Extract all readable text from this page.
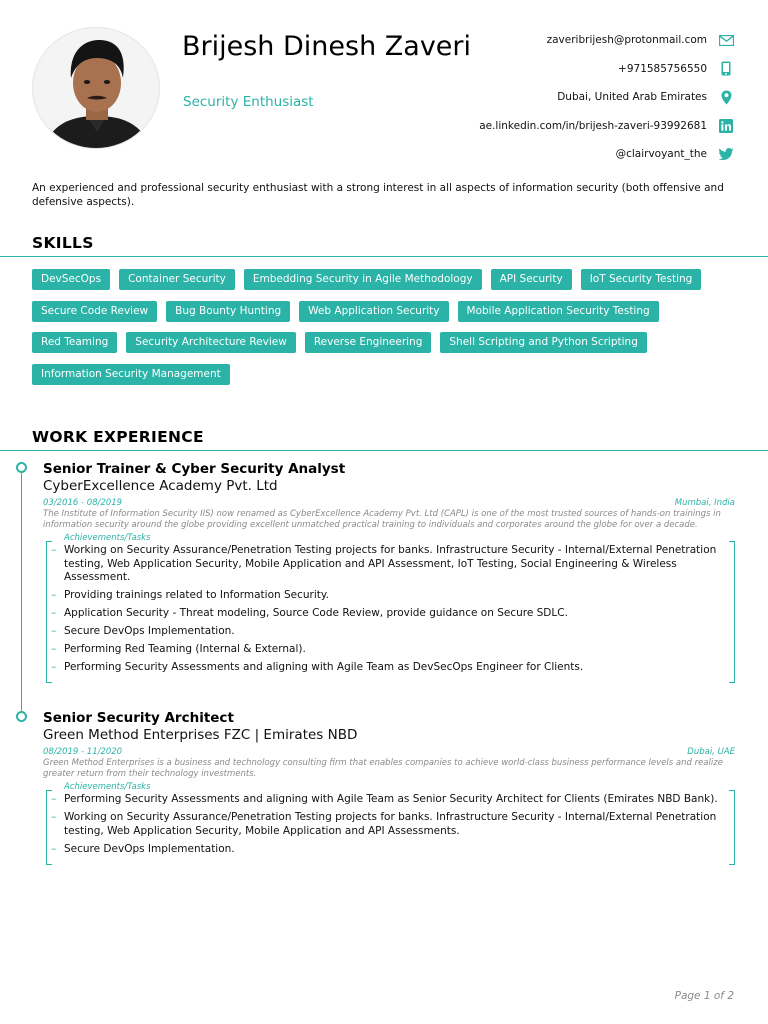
Brijesh Dinesh Zaveri
Security Enthusiast
zaveribrijesh@protonmail.com
+971585756550
Dubai, United Arab Emirates
ae.linkedin.com/in/brijesh-zaveri-93992681
@clairvoyant_the
An experienced and professional security enthusiast with a strong interest in all aspects of information security (both offensive and defensive aspects).
SKILLS
DevSecOps	Container Security	Embedding Security in Agile Methodology	API Security	IoT Security Testing
Secure Code Review	Bug Bounty Hunting	Web Application Security	Mobile Application Security Testing
Red Teaming	Security Architecture Review	Reverse Engineering	Shell Scripting and Python Scripting
Information Security Management
WORK EXPERIENCE
Senior Trainer & Cyber Security Analyst
CyberExcellence Academy Pvt. Ltd
03/2016 - 08/2019	Mumbai, India
The Institute of Information Security IIS) now renamed as CyberExcellence Academy Pvt. Ltd (CAPL) is one of the most trusted sources of hands-on trainings in information security around the globe providing excellent unmatched practical training to individuals and corporates around the globe for over a decade.
Achievements/Tasks
– Working on Security Assurance/Penetration Testing projects for banks. Infrastructure Security - Internal/External Penetration testing, Web Application Security, Mobile Application and API Assessment, IoT Testing, Social Engineering & Wireless Assessment.
– Providing trainings related to Information Security.
– Application Security - Threat modeling, Source Code Review, provide guidance on Secure SDLC.
– Secure DevOps Implementation.
– Performing Red Teaming (Internal & External).
– Performing Security Assessments and aligning with Agile Team as DevSecOps Engineer for Clients.
Senior Security Architect
Green Method Enterprises FZC | Emirates NBD
08/2019 - 11/2020	Dubai, UAE
Green Method Enterprises is a business and technology consulting firm that enables companies to achieve world-class business performance levels and realize greater return from their technology investments.
Achievements/Tasks
– Performing Security Assessments and aligning with Agile Team as Senior Security Architect for Clients (Emirates NBD Bank).
– Working on Security Assurance/Penetration Testing projects for banks. Infrastructure Security - Internal/External Penetration testing, Web Application Security, Mobile Application and API Assessments.
– Secure DevOps Implementation.
Page 1 of 2
